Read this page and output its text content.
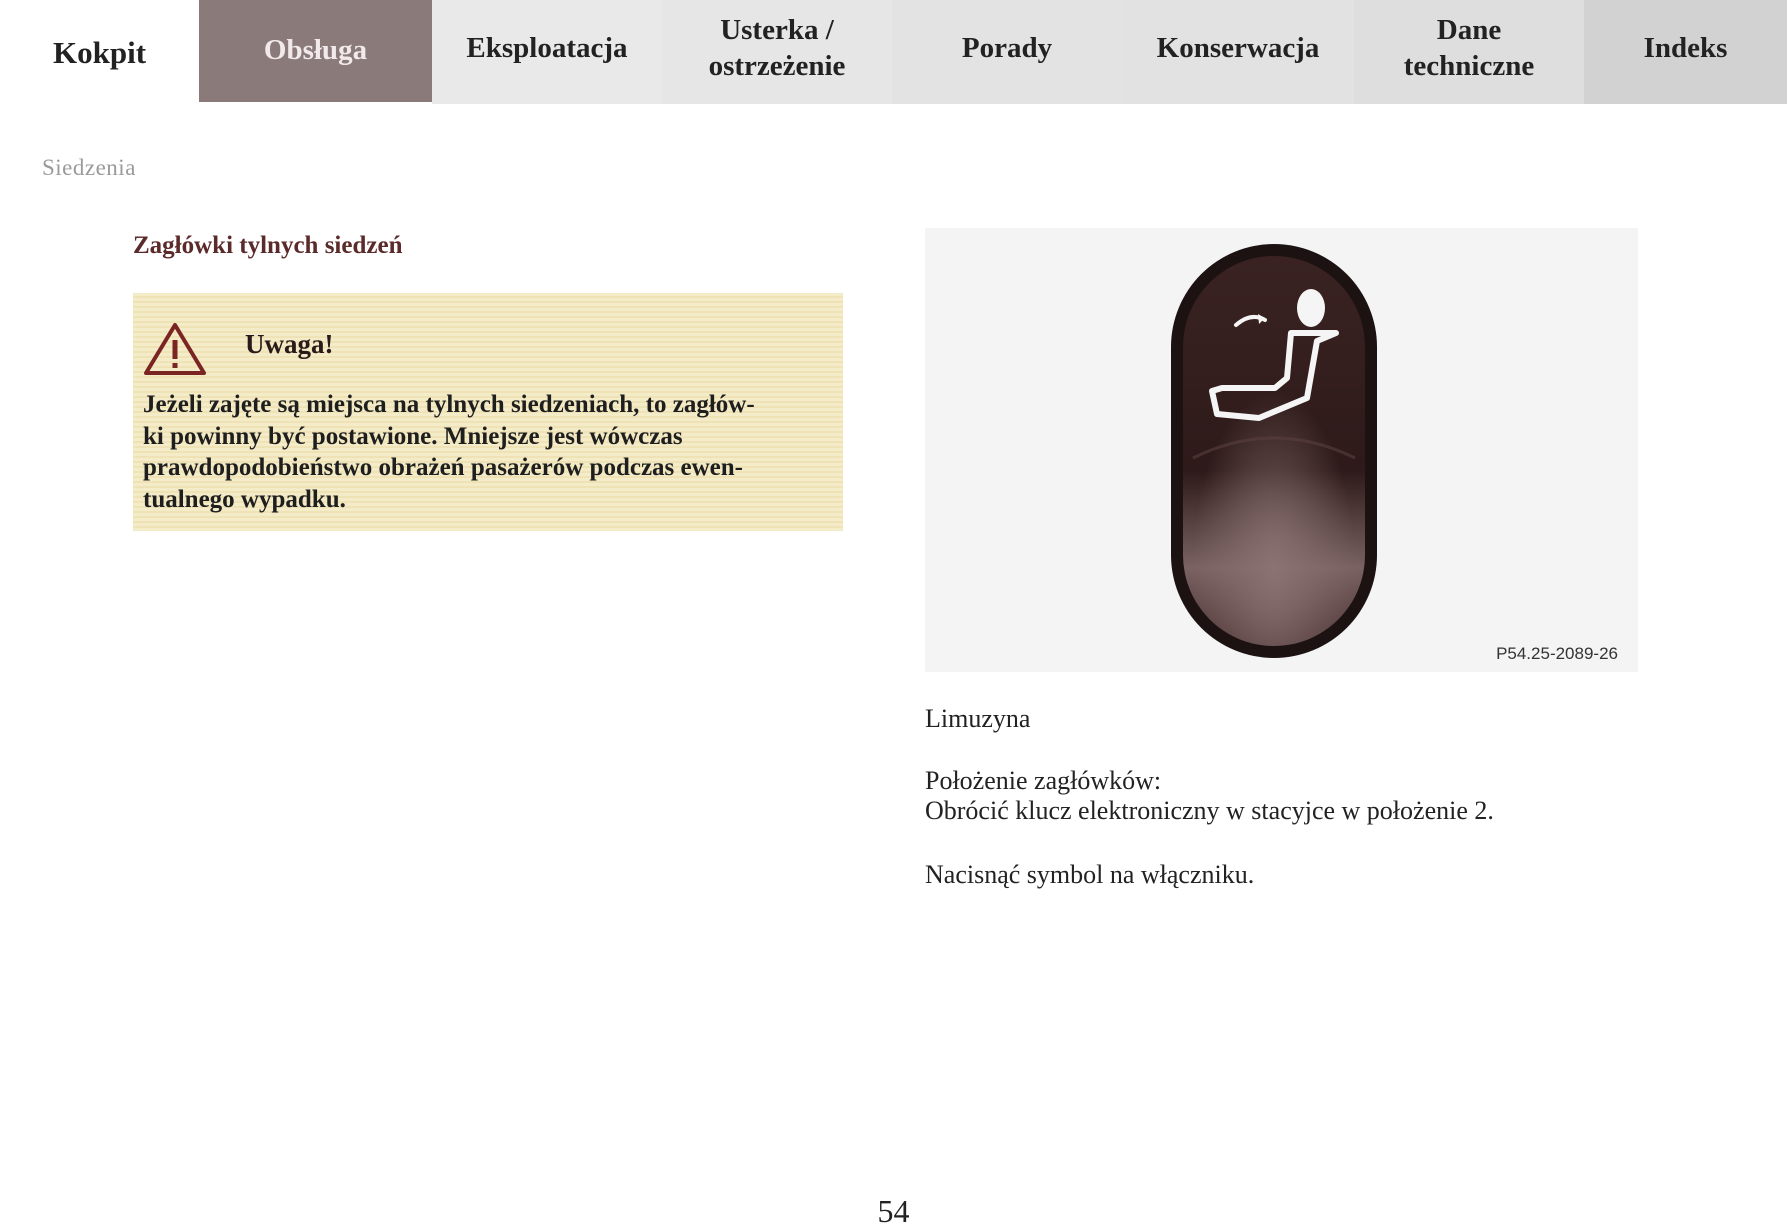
Kokpit	Obsługa	Eksploatacja
Usterka /
ostrzeżenie
Porady	Konserwacja
Dane
techniczne
Indeks
Siedzenia
Zagłówki tylnych siedzeń
Uwaga!
Jeżeli zajęte są miejsca na tylnych siedzeniach, to zagłów-
ki powinny być postawione. Mniejsze jest wówczas
prawdopodobieństwo obrażeń pasażerów podczas ewen-
tualnego wypadku.
P54.25-2089-26
Limuzyna
Położenie zagłówków:
Obrócić klucz elektroniczny w stacyjce w położenie 2.
Nacisnąć symbol na włączniku.
54
